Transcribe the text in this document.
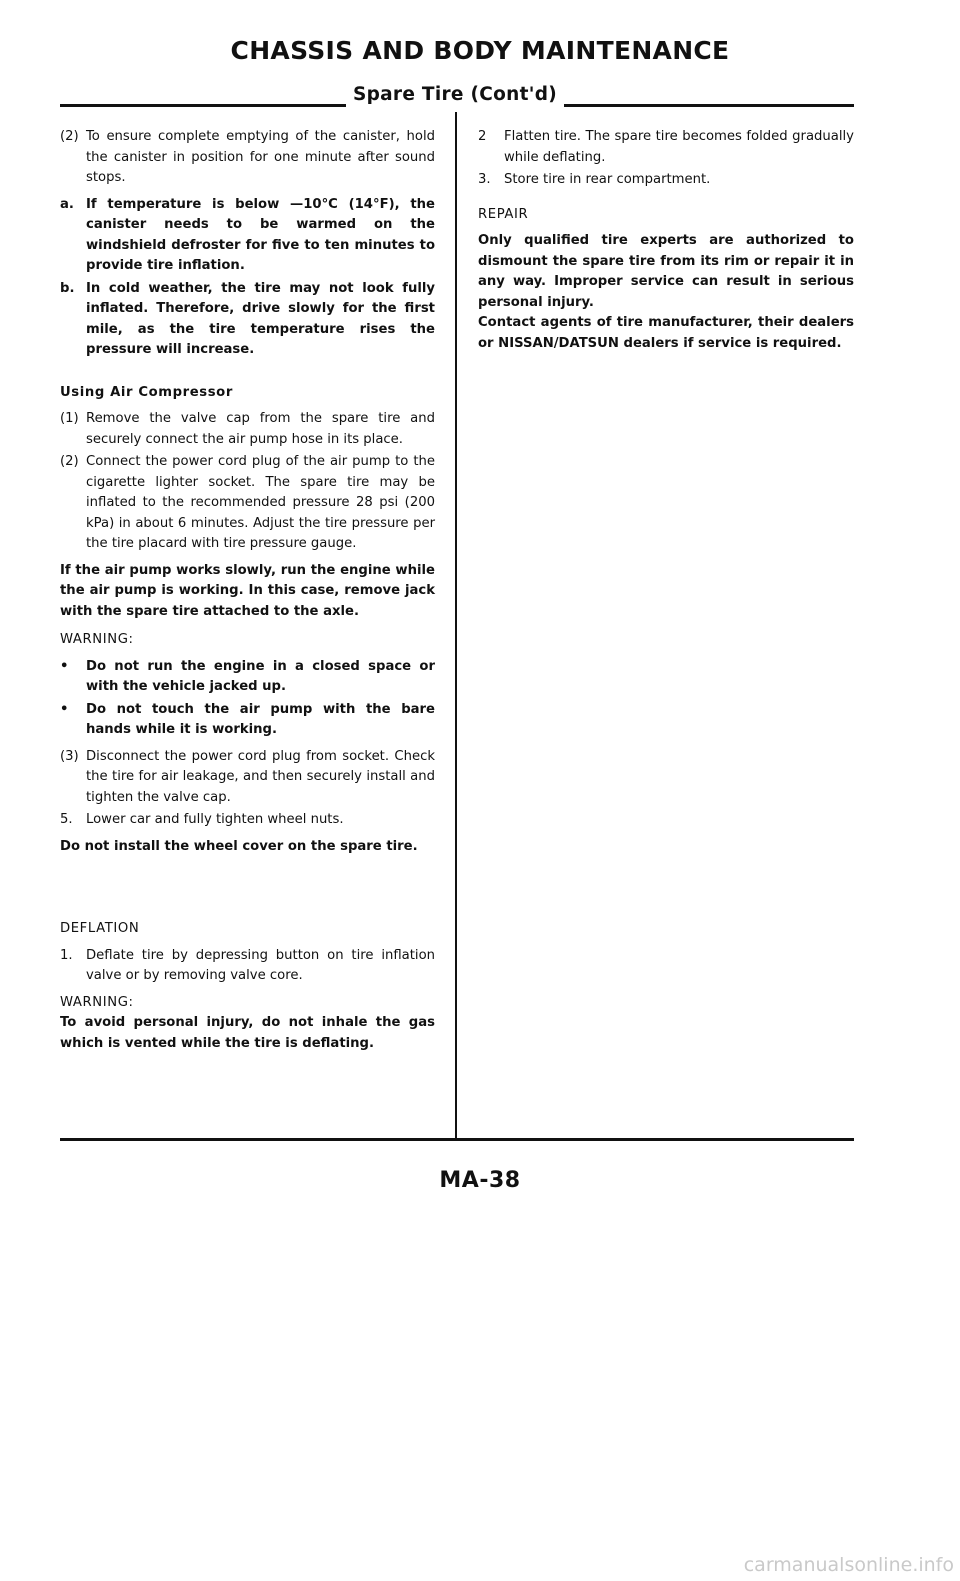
CHASSIS AND BODY MAINTENANCE
Spare Tire (Cont'd)
(2) To ensure complete emptying of the canister, hold the canister in position for one minute after sound stops.
a. If temperature is below —10°C (14°F), the canister needs to be warmed on the windshield defroster for five to ten minutes to provide tire inflation.
b. In cold weather, the tire may not look fully inflated. Therefore, drive slowly for the first mile, as the tire temperature rises the pressure will increase.
Using Air Compressor
(1) Remove the valve cap from the spare tire and securely connect the air pump hose in its place.
(2) Connect the power cord plug of the air pump to the cigarette lighter socket. The spare tire may be inflated to the recommended pressure 28 psi (200 kPa) in about 6 minutes. Adjust the tire pressure per the tire placard with tire pressure gauge.

If the air pump works slowly, run the engine while the air pump is working. In this case, remove jack with the spare tire attached to the axle.

WARNING:
•	Do not run the engine in a closed space or with the vehicle jacked up.
•	Do not touch the air pump with the bare hands while it is working.
(3) Disconnect the power cord plug from socket. Check the tire for air leakage, and then securely install and tighten the valve cap.
5.	Lower car and fully tighten wheel nuts.

Do not install the wheel cover on the spare tire.

DEFLATION
1.	Deflate tire by depressing button on tire inflation valve or by removing valve core.
WARNING:

To avoid personal injury, do not inhale the gas which is vented while the tire is deflating.

2	Flatten tire. The spare tire becomes folded gradually while deflating.
3.	Store tire in rear compartment.
REPAIR

Only qualified tire experts are authorized to dismount the spare tire from its rim or repair it in any way. Improper service can result in serious personal injury.

Contact agents of tire manufacturer, their dealers or NISSAN/DATSUN dealers if service is required.

MA-38
carmanualsonline.info
